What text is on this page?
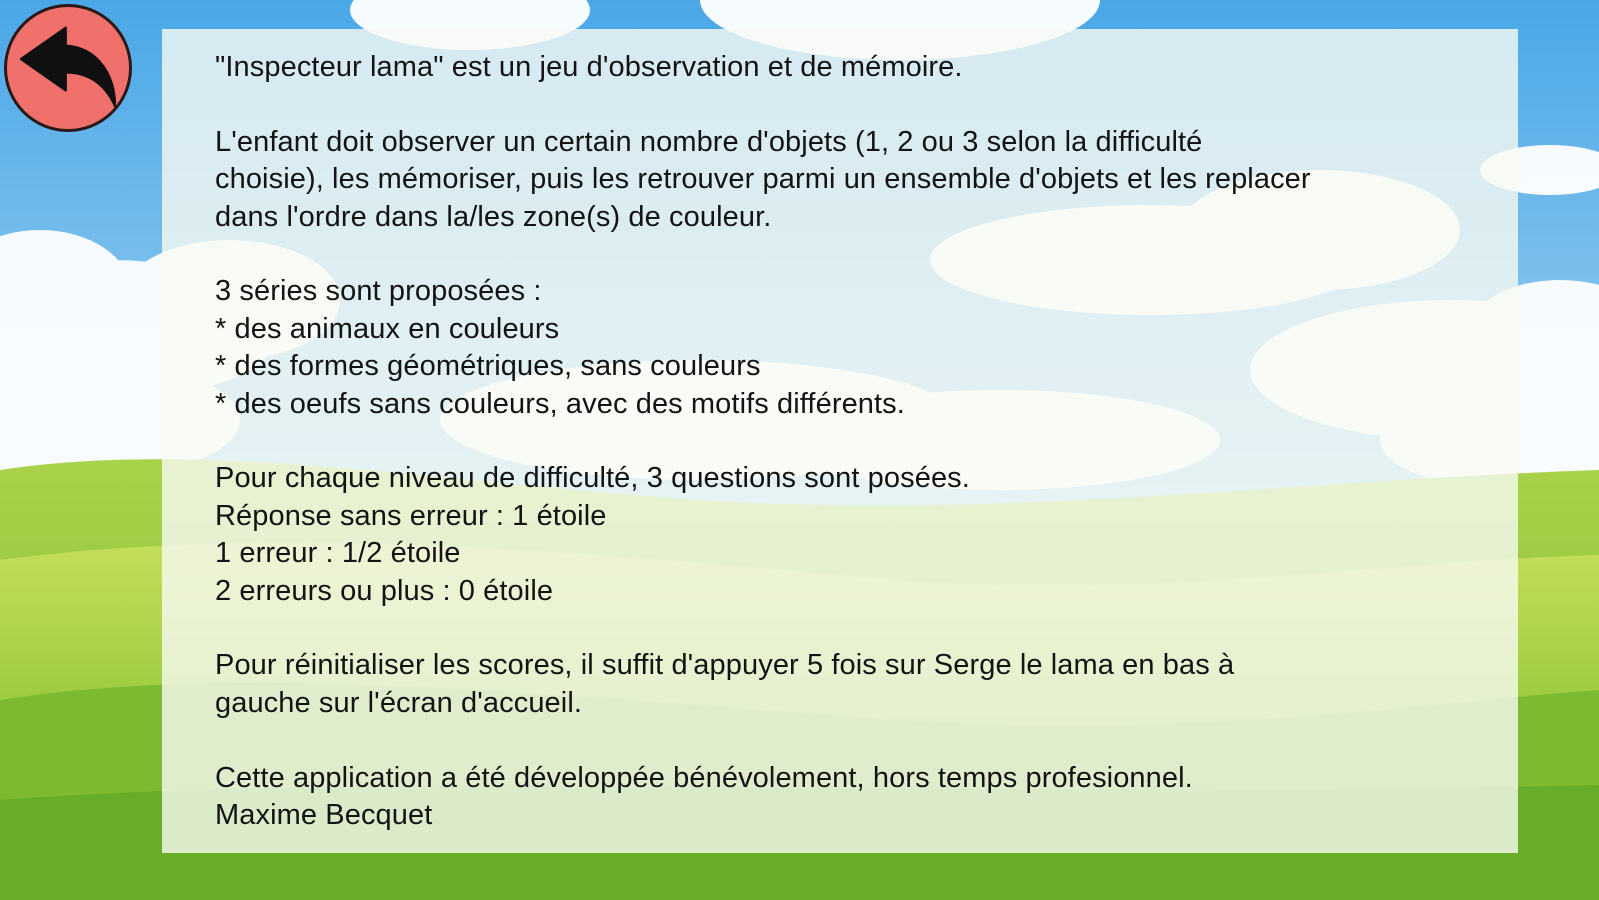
"Inspecteur lama" est un jeu d'observation et de mémoire.

L'enfant doit observer un certain nombre d'objets (1, 2 ou 3 selon la difficulté
choisie), les mémoriser, puis les retrouver parmi un ensemble d'objets et les replacer
dans l'ordre dans la/les zone(s) de couleur.

3 séries sont proposées :
* des animaux en couleurs
* des formes géométriques, sans couleurs
* des oeufs sans couleurs, avec des motifs différents.

Pour chaque niveau de difficulté, 3 questions sont posées.
Réponse sans erreur : 1 étoile
1 erreur : 1/2 étoile
2 erreurs ou plus : 0 étoile

Pour réinitialiser les scores, il suffit d'appuyer 5 fois sur Serge le lama en bas à
gauche sur l'écran d'accueil.

Cette application a été développée bénévolement, hors temps profesionnel.
Maxime Becquet
